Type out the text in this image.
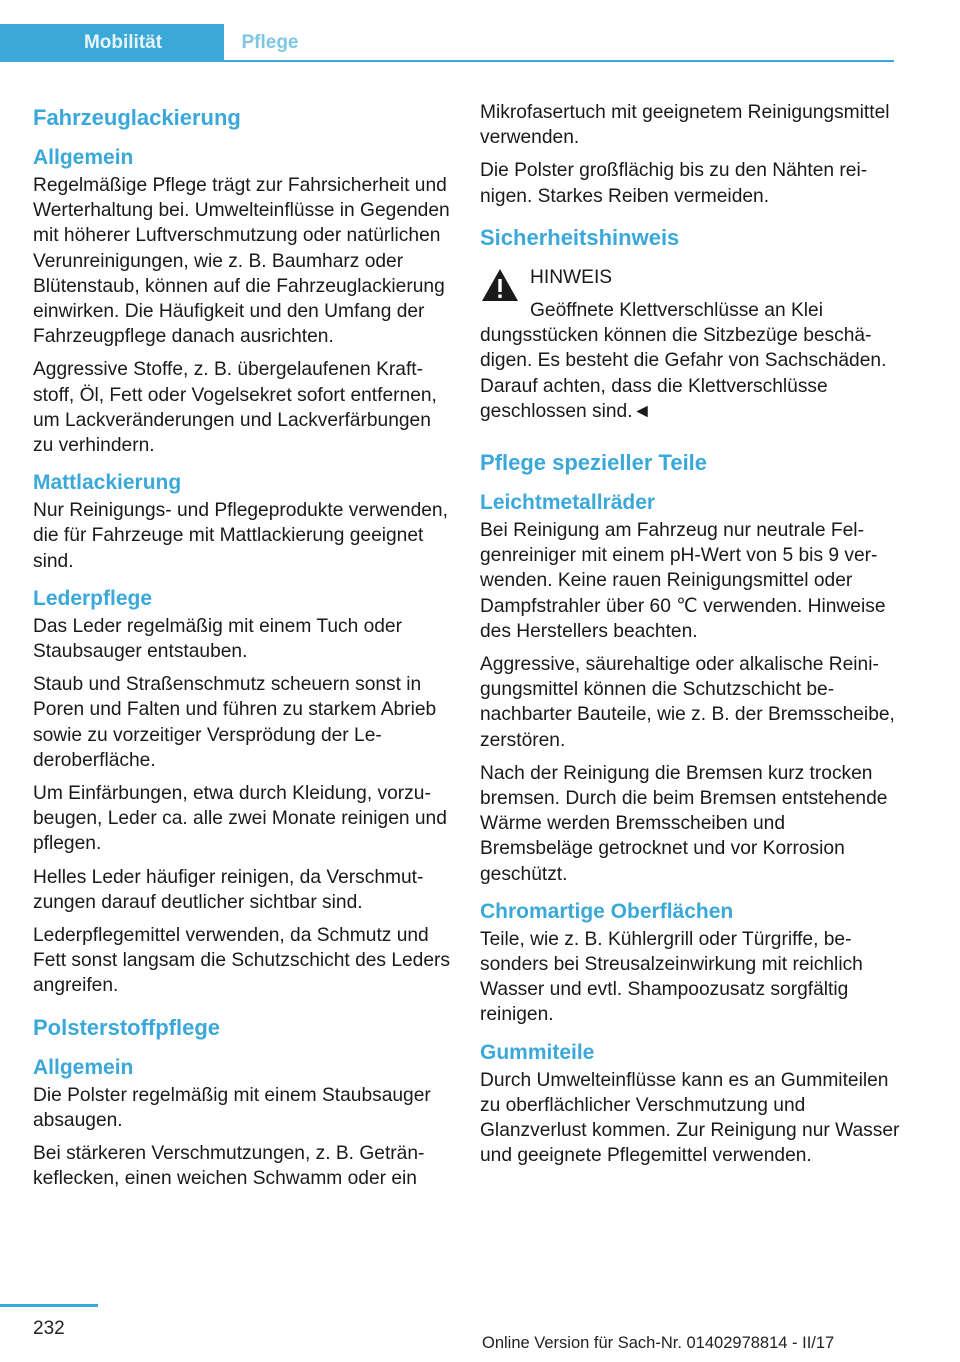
Mobilität	Pflege
Fahrzeuglackierung
Allgemein

Regelmäßige Pflege trägt zur Fahrsicherheit und Werterhaltung bei. Umwelteinflüsse in Gegenden mit höherer Luftverschmutzung oder natürlichen Verunreinigungen, wie z. B. Baumharz oder Blütenstaub, können auf die Fahrzeuglackierung einwirken. Die Häufigkeit und den Umfang der Fahrzeugpflege danach ausrichten.

Aggressive Stoffe, z. B. übergelaufenen Kraftstoff, Öl, Fett oder Vogelsekret sofort entfernen, um Lackveränderungen und Lackverfärbungen zu verhindern.

Mattlackierung

Nur Reinigungs- und Pflegeprodukte verwenden, die für Fahrzeuge mit Mattlackierung geeignet sind.

Lederpflege

Das Leder regelmäßig mit einem Tuch oder Staubsauger entstauben.

Staub und Straßenschmutz scheuern sonst in Poren und Falten und führen zu starkem Abrieb sowie zu vorzeitiger Versprödung der Lederoberfläche.

Um Einfärbungen, etwa durch Kleidung, vorzubeugen, Leder ca. alle zwei Monate reinigen und pflegen.

Helles Leder häufiger reinigen, da Verschmutzungen darauf deutlicher sichtbar sind.

Lederpflegemittel verwenden, da Schmutz und Fett sonst langsam die Schutzschicht des Leders angreifen.

Polsterstoffpflege
Allgemein

Die Polster regelmäßig mit einem Staubsauger absaugen.

Bei stärkeren Verschmutzungen, z. B. Getränkeflecken, einen weichen Schwamm oder ein

Mikrofasertuch mit geeignetem Reinigungsmittel verwenden.

Die Polster großflächig bis zu den Nähten reinigen. Starkes Reiben vermeiden.

Sicherheitshinweis

HINWEIS

Geöffnete Klettverschlüsse an Klei

dungsstücken können die Sitzbezüge beschädigen. Es besteht die Gefahr von Sachschäden. Darauf achten, dass die Klettverschlüsse geschlossen sind.◄

Pflege spezieller Teile
Leichtmetallräder

Bei Reinigung am Fahrzeug nur neutrale Felgenreiniger mit einem pH-Wert von 5 bis 9 verwenden. Keine rauen Reinigungsmittel oder Dampfstrahler über 60 ℃ verwenden. Hinweise des Herstellers beachten.

Aggressive, säurehaltige oder alkalische Reinigungsmittel können die Schutzschicht benachbarter Bauteile, wie z. B. der Bremsscheibe, zerstören.

Nach der Reinigung die Bremsen kurz trocken bremsen. Durch die beim Bremsen entstehende Wärme werden Bremsscheiben und Bremsbeläge getrocknet und vor Korrosion geschützt.

Chromartige Oberflächen

Teile, wie z. B. Kühlergrill oder Türgriffe, besonders bei Streusalzeinwirkung mit reichlich Wasser und evtl. Shampoozusatz sorgfältig reinigen.

Gummiteile

Durch Umwelteinflüsse kann es an Gummiteilen zu oberflächlicher Verschmutzung und Glanzverlust kommen. Zur Reinigung nur Wasser und geeignete Pflegemittel verwenden.

232
Online Version für Sach-Nr. 01402978814 - II/17
